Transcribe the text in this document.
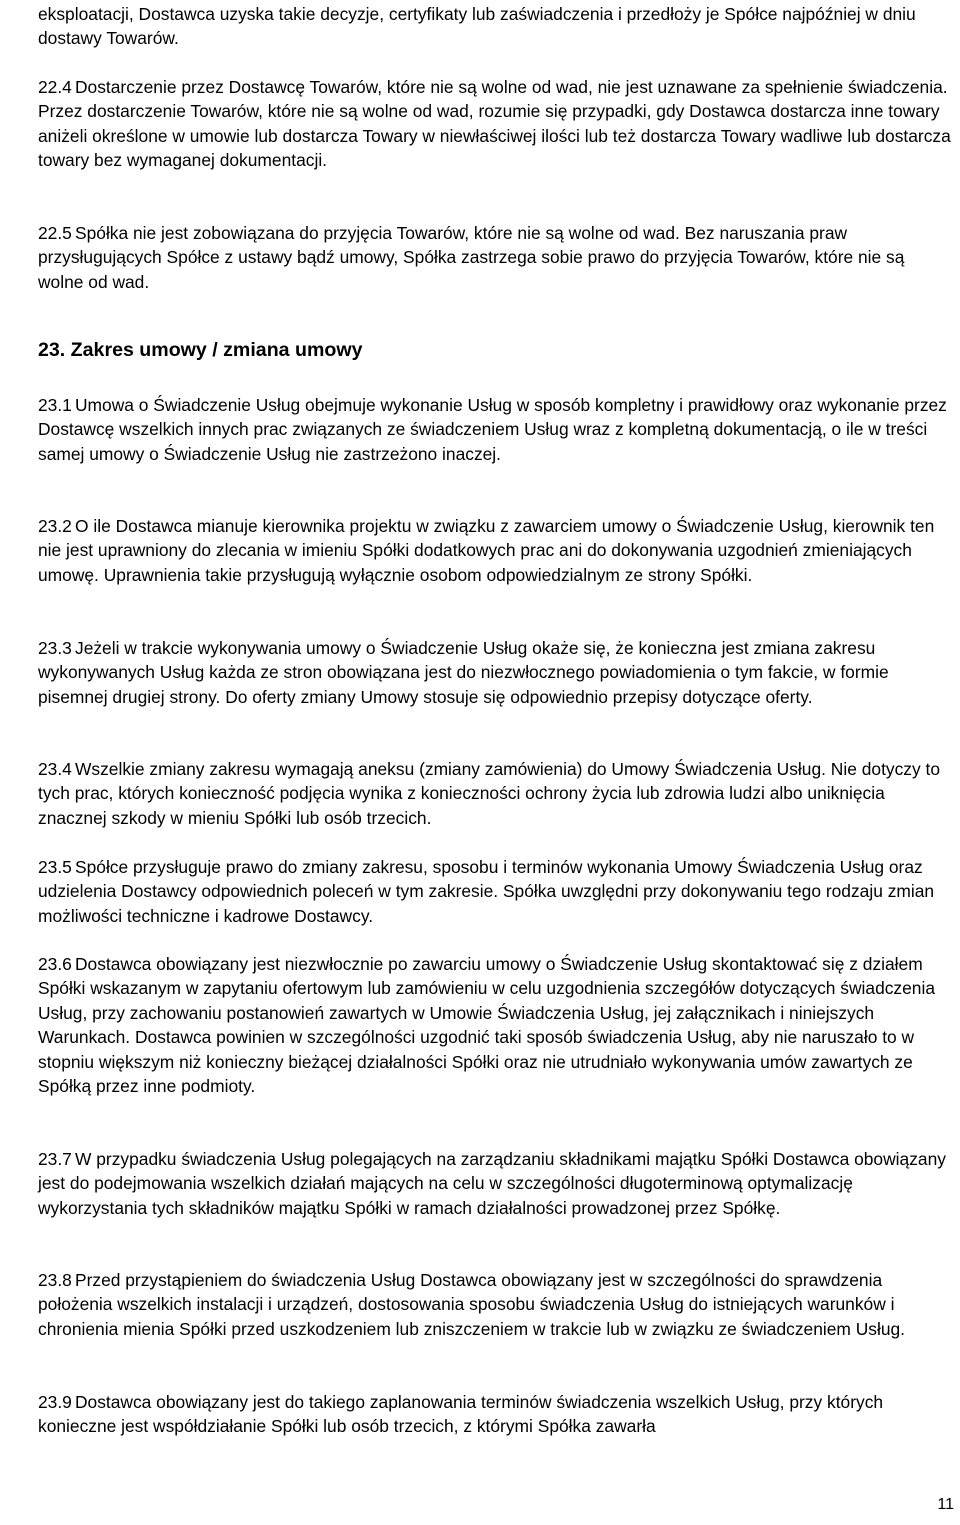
eksploatacji, Dostawca uzyska takie decyzje, certyfikaty lub zaświadczenia i przedłoży je Spółce najpóźniej w dniu dostawy Towarów.

22.4 Dostarczenie przez Dostawcę Towarów, które nie są wolne od wad, nie jest uznawane za spełnienie świadczenia. Przez dostarczenie Towarów, które nie są wolne od wad, rozumie się przypadki, gdy Dostawca dostarcza inne towary aniżeli określone w umowie lub dostarcza Towary w niewłaściwej ilości lub też dostarcza Towary wadliwe lub dostarcza towary bez wymaganej dokumentacji.

22.5 Spółka nie jest zobowiązana do przyjęcia Towarów, które nie są wolne od wad. Bez naruszania praw przysługujących Spółce z ustawy bądź umowy, Spółka zastrzega sobie prawo do przyjęcia Towarów, które nie są wolne od wad.

23. Zakres umowy / zmiana umowy

23.1 Umowa o Świadczenie Usług obejmuje wykonanie Usług w sposób kompletny i prawidłowy oraz wykonanie przez Dostawcę wszelkich innych prac związanych ze świadczeniem Usług wraz z kompletną dokumentacją, o ile w treści samej umowy o Świadczenie Usług nie zastrzeżono inaczej.

23.2 O ile Dostawca mianuje kierownika projektu w związku z zawarciem umowy o Świadczenie Usług, kierownik ten nie jest uprawniony do zlecania w imieniu Spółki dodatkowych prac ani do dokonywania uzgodnień zmieniających umowę. Uprawnienia takie przysługują wyłącznie osobom odpowiedzialnym ze strony Spółki.

23.3 Jeżeli w trakcie wykonywania umowy o Świadczenie Usług okaże się, że konieczna jest zmiana zakresu wykonywanych Usług każda ze stron obowiązana jest do niezwłocznego powiadomienia o tym fakcie, w formie pisemnej drugiej strony. Do oferty zmiany Umowy stosuje się odpowiednio przepisy dotyczące oferty.

23.4 Wszelkie zmiany zakresu wymagają aneksu (zmiany zamówienia) do Umowy Świadczenia Usług. Nie dotyczy to tych prac, których konieczność podjęcia wynika z konieczności ochrony życia lub zdrowia ludzi albo uniknięcia znacznej szkody w mieniu Spółki lub osób trzecich.

23.5 Spółce przysługuje prawo do zmiany zakresu, sposobu i terminów wykonania Umowy Świadczenia Usług oraz udzielenia Dostawcy odpowiednich poleceń w tym zakresie. Spółka uwzględni przy dokonywaniu tego rodzaju zmian możliwości techniczne i kadrowe Dostawcy.

23.6 Dostawca obowiązany jest niezwłocznie po zawarciu umowy o Świadczenie Usług skontaktować się z działem Spółki wskazanym w zapytaniu ofertowym lub zamówieniu w celu uzgodnienia szczegółów dotyczących świadczenia Usług, przy zachowaniu postanowień zawartych w Umowie Świadczenia Usług, jej załącznikach i niniejszych Warunkach. Dostawca powinien w szczególności uzgodnić taki sposób świadczenia Usług, aby nie naruszało to w stopniu większym niż konieczny bieżącej działalności Spółki oraz nie utrudniało wykonywania umów zawartych ze Spółką przez inne podmioty.

23.7 W przypadku świadczenia Usług polegających na zarządzaniu składnikami majątku Spółki Dostawca obowiązany jest do podejmowania wszelkich działań mających na celu w szczególności długoterminową optymalizację wykorzystania tych składników majątku Spółki w ramach działalności prowadzonej przez Spółkę.

23.8 Przed przystąpieniem do świadczenia Usług Dostawca obowiązany jest w szczególności do sprawdzenia położenia wszelkich instalacji i urządzeń, dostosowania sposobu świadczenia Usług do istniejących warunków i chronienia mienia Spółki przed uszkodzeniem lub zniszczeniem w trakcie lub w związku ze świadczeniem Usług.

23.9 Dostawca obowiązany jest do takiego zaplanowania terminów świadczenia wszelkich Usług, przy których konieczne jest współdziałanie Spółki lub osób trzecich, z którymi Spółka zawarła

11
